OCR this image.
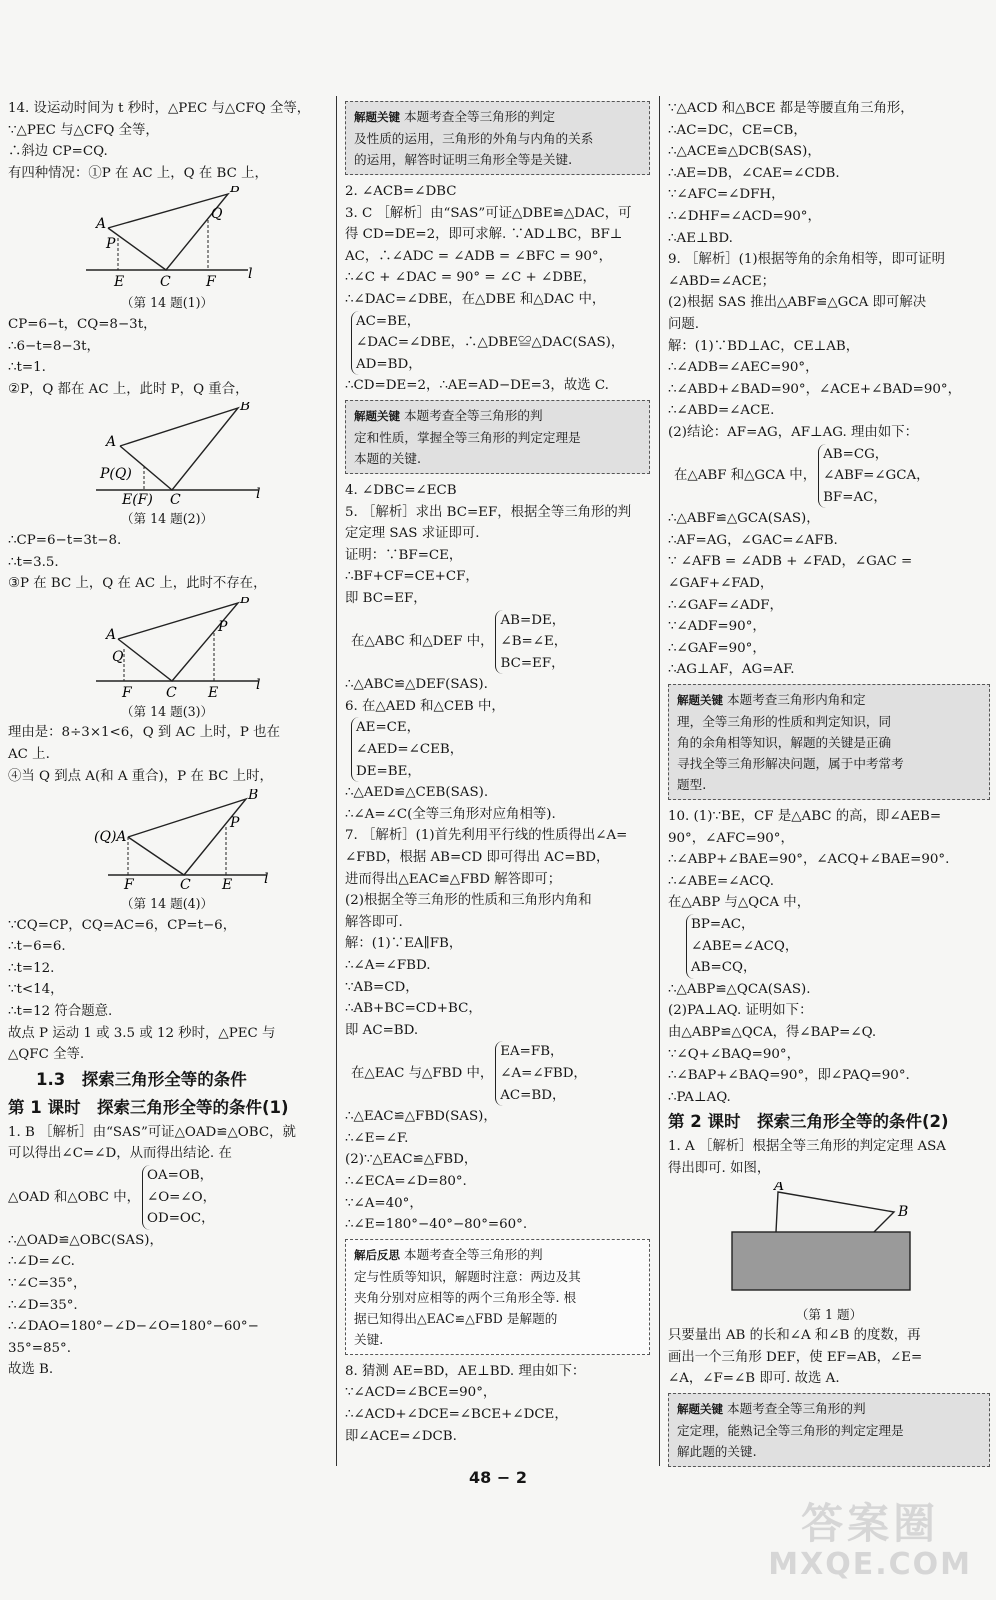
14. 设运动时间为 t 秒时，△PEC 与△CFQ 全等，
∵△PEC 与△CFQ 全等，
∴斜边 CP=CQ.
有四种情况：①P 在 AC 上，Q 在 BC 上，
A
B
P
Q
E	C	F l
（第 14 题(1)）
CP=6−t，CQ=8−3t，
∴6−t=8−3t，
∴t=1.
②P，Q 都在 AC 上，此时 P，Q 重合，
A
B
P(Q)
E(F) C	l
（第 14 题(2)）
∴CP=6−t=3t−8.
∴t=3.5.
③P 在 BC 上，Q 在 AC 上，此时不存在，
A
B
Q
P
F C E	l
（第 14 题(3)）
理由是：8÷3×1<6，Q 到 AC 上时，P 也在
AC 上.
④当 Q 到点 A(和 A 重合)，P 在 BC 上时，
(Q)A
B
P
F	C E l
（第 14 题(4)）
∵CQ=CP，CQ=AC=6，CP=t−6，
∴t−6=6.
∴t=12.
∵t<14，
∴t=12 符合题意.
故点 P 运动 1 或 3.5 或 12 秒时，△PEC 与
△QFC 全等.
1.3　探索三角形全等的条件
第 1 课时　探索三角形全等的条件(1)
1. B ［解析］由“SAS”可证△OAD≌△OBC，就
可以得出∠C=∠D，从而得出结论. 在
△OAD 和△OBC 中，
OA=OB，
∠O=∠O，
OD=OC，
∴△OAD≌△OBC(SAS)，
∴∠D=∠C.
∵∠C=35°，
∴∠D=35°.
∴∠DAO=180°−∠D−∠O=180°−60°−
35°=85°.
故选 B.
解题关键 本题考查全等三角形的判定
及性质的运用，三角形的外角与内角的关系
的运用，解答时证明三角形全等是关键.
2. ∠ACB=∠DBC
3. C ［解析］由“SAS”可证△DBE≌△DAC，可
得 CD=DE=2，即可求解. ∵AD⊥BC，BF⊥
AC，∴∠ADC = ∠ADB = ∠BFC = 90°，
∴∠C + ∠DAC = 90° = ∠C + ∠DBE，
∴∠DAC=∠DBE，在△DBE 和△DAC 中，
AC=BE，
∠DAC=∠DBE，∴△DBE≌△DAC(SAS)，
AD=BD，
∴CD=DE=2，∴AE=AD−DE=3，故选 C.
解题关键 本题考查全等三角形的判
定和性质，掌握全等三角形的判定定理是
本题的关键.
4. ∠DBC=∠ECB
5. ［解析］求出 BC=EF，根据全等三角形的判
定定理 SAS 求证即可.
证明：∵BF=CE，
∴BF+CF=CE+CF，
即 BC=EF，
在△ABC 和△DEF 中，
AB=DE，
∠B=∠E，
BC=EF，
∴△ABC≌△DEF(SAS).
6. 在△AED 和△CEB 中，
AE=CE，
∠AED=∠CEB，
DE=BE，
∴△AED≌△CEB(SAS).
∴∠A=∠C(全等三角形对应角相等).
7. ［解析］(1)首先利用平行线的性质得出∠A=
∠FBD，根据 AB=CD 即可得出 AC=BD，
进而得出△EAC≌△FBD 解答即可；
(2)根据全等三角形的性质和三角形内角和
解答即可.
解：(1)∵EA∥FB，
∴∠A=∠FBD.
∵AB=CD，
∴AB+BC=CD+BC，
即 AC=BD.
在△EAC 与△FBD 中，
EA=FB，
∠A=∠FBD，
AC=BD，
∴△EAC≌△FBD(SAS)，
∴∠E=∠F.
(2)∵△EAC≌△FBD，
∴∠ECA=∠D=80°.
∵∠A=40°，
∴∠E=180°−40°−80°=60°.
解后反思 本题考查全等三角形的判
定与性质等知识，解题时注意：两边及其
夹角分别对应相等的两个三角形全等. 根
据已知得出△EAC≌△FBD 是解题的
关键.
8. 猜测 AE=BD，AE⊥BD. 理由如下：
∵∠ACD=∠BCE=90°，
∴∠ACD+∠DCE=∠BCE+∠DCE，
即∠ACE=∠DCB.
∵△ACD 和△BCE 都是等腰直角三角形，
∴AC=DC，CE=CB，
∴△ACE≌△DCB(SAS)，
∴AE=DB，∠CAE=∠CDB.
∵∠AFC=∠DFH，
∴∠DHF=∠ACD=90°，
∴AE⊥BD.
9. ［解析］(1)根据等角的余角相等，即可证明
∠ABD=∠ACE；
(2)根据 SAS 推出△ABF≌△GCA 即可解决
问题.
解：(1)∵BD⊥AC，CE⊥AB，
∴∠ADB=∠AEC=90°，
∴∠ABD+∠BAD=90°，∠ACE+∠BAD=90°，
∴∠ABD=∠ACE.
(2)结论：AF=AG，AF⊥AG. 理由如下：
在△ABF 和△GCA 中，
AB=CG，
∠ABF=∠GCA，
BF=AC，
∴△ABF≌△GCA(SAS)，
∴AF=AG，∠GAC=∠AFB.
∵ ∠AFB = ∠ADB + ∠FAD，∠GAC =
∠GAF+∠FAD，
∴∠GAF=∠ADF，
∵∠ADF=90°，
∴∠GAF=90°，
∴AG⊥AF，AG=AF.
解题关键 本题考查三角形内角和定
理，全等三角形的性质和判定知识，同
角的余角相等知识，解题的关键是正确
寻找全等三角形解决问题，属于中考常考
题型.
10. (1)∵BE，CF 是△ABC 的高，即∠AEB=
90°，∠AFC=90°，
∴∠ABP+∠BAE=90°，∠ACQ+∠BAE=90°.
∴∠ABE=∠ACQ.
在△ABP 与△QCA 中，
BP=AC，
∠ABE=∠ACQ，
AB=CQ，
∴△ABP≌△QCA(SAS).
(2)PA⊥AQ. 证明如下：
由△ABP≌△QCA，得∠BAP=∠Q.
∵∠Q+∠BAQ=90°，
∴∠BAP+∠BAQ=90°，即∠PAQ=90°.
∴PA⊥AQ.
第 2 课时　探索三角形全等的条件(2)
1. A ［解析］根据全等三角形的判定定理 ASA
得出即可. 如图，
A
B
（第 1 题）
只要量出 AB 的长和∠A 和∠B 的度数，再
画出一个三角形 DEF，使 EF=AB，∠E=
∠A，∠F=∠B 即可. 故选 A.
解题关键 本题考查全等三角形的判
定定理，能熟记全等三角形的判定定理是
解此题的关键.
48 − 2
答案圈
MXQE.COM
